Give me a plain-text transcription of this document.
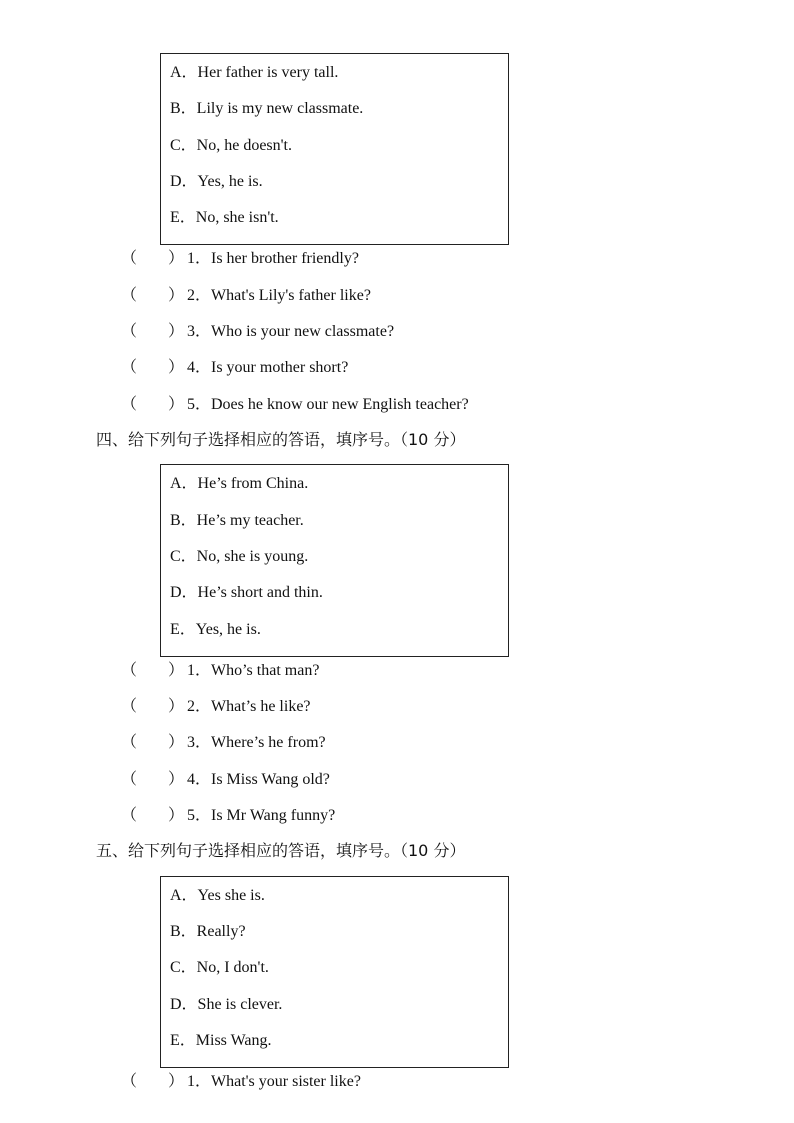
A．Her father is very tall.
B．Lily is my new classmate.
C．No, he doesn't.
D．Yes, he is.
E．No, she isn't.
（ ） 1．Is her brother friendly?
（ ） 2．What's Lily's father like?
（ ） 3．Who is your new classmate?
（ ） 4．Is your mother short?
（ ） 5．Does he know our new English teacher?
四、给下列句子选择相应的答语，填序号。（10 分）
A．He’s from China.
B．He’s my teacher.
C．No, she is young.
D．He’s short and thin.
E．Yes, he is.
（ ） 1．Who’s that man?
（ ） 2．What’s he like?
（ ） 3．Where’s he from?
（ ） 4．Is Miss Wang old?
（ ） 5．Is Mr Wang funny?
五、给下列句子选择相应的答语，填序号。（10 分）
A．Yes she is.
B．Really?
C．No, I don't.
D．She is clever.
E．Miss Wang.
（ ） 1．What's your sister like?
